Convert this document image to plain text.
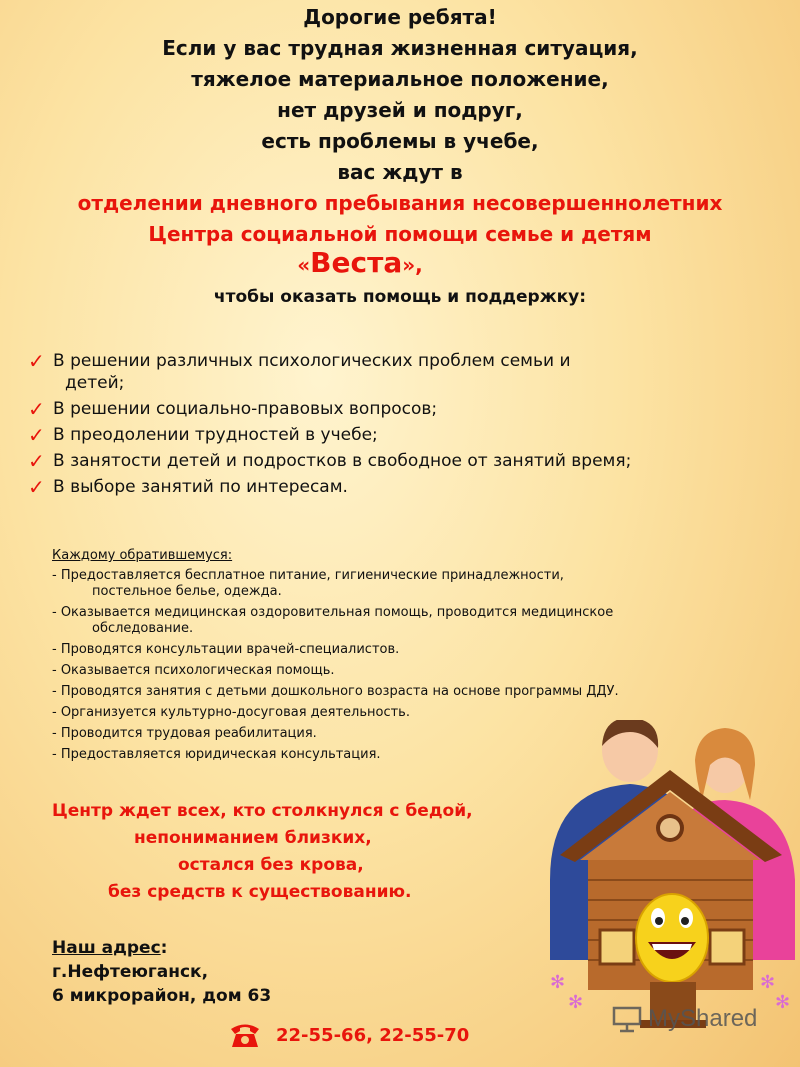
Дорогие ребята!
Если у вас трудная жизненная ситуация,
тяжелое материальное положение,
нет друзей и подруг,
есть проблемы в учебе,
вас ждут в
отделении дневного пребывания несовершеннолетних
Центра социальной помощи семье и детям
«Веста»,
чтобы оказать помощь и поддержку:
✓ В решении различных психологических проблем семьи и
детей;
✓ В решении социально-правовых вопросов;
✓ В преодолении трудностей в учебе;
✓ В занятости детей и подростков в свободное от занятий время;
✓ В выборе занятий по интересам.
Каждому обратившемуся:
- Предоставляется бесплатное питание, гигиенические принадлежности,
постельное белье, одежда.
- Оказывается медицинская оздоровительная помощь, проводится медицинское
обследование.
- Проводятся консультации врачей-специалистов.
- Оказывается психологическая помощь.
- Проводятся занятия с детьми дошкольного возраста на основе программы ДДУ.
- Организуется культурно-досуговая деятельность.
- Проводится трудовая реабилитация.
- Предоставляется юридическая консультация.
Центр ждет всех, кто столкнулся с бедой,
непониманием близких,
остался без крова,
без средств к существованию.
Наш адрес:
г.Нефтеюганск,
6 микрорайон, дом 63
22-55-66, 22-55-70
✻
✻
✻
✻
MyShared
